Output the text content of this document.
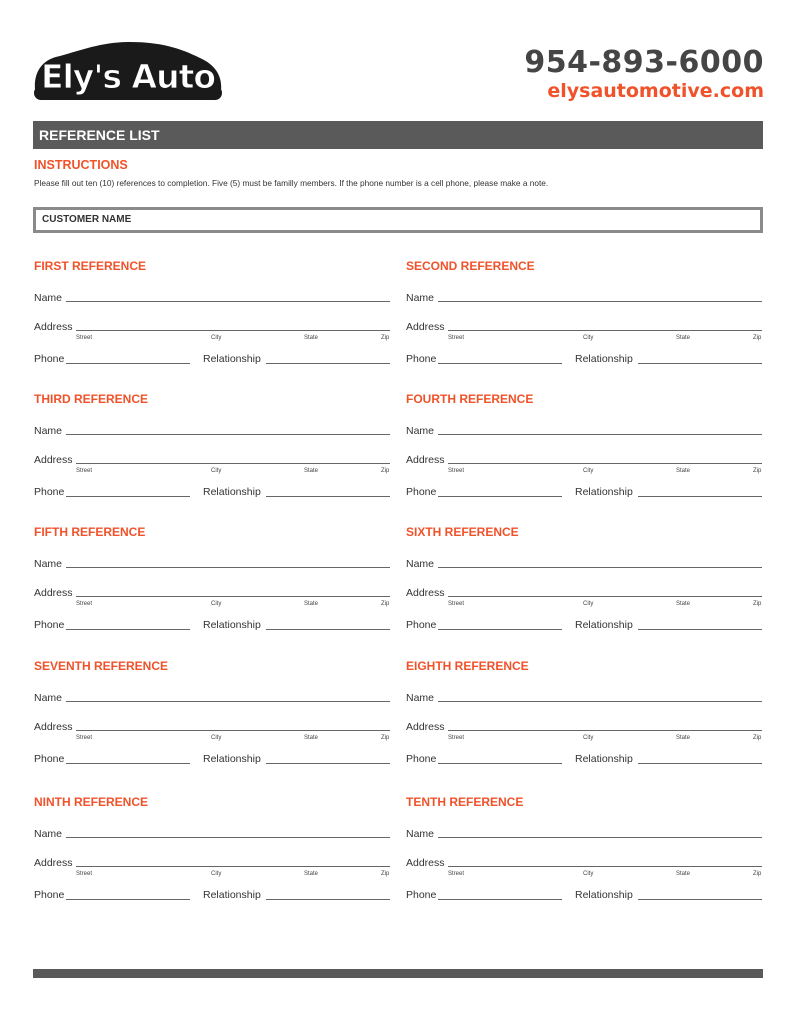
Ely's Auto	954-893-6000
elysautomotive.com
REFERENCE LIST
INSTRUCTIONS
Please fill out ten (10) references to completion. Five (5) must be familly members. If the phone number is a cell phone, please make a note.
CUSTOMER NAME
FIRST REFERENCE
Name
Address
Street	City	State	Zip
Phone	Relationship
SECOND REFERENCE
Name
Address
Street	City	State	Zip
Phone	Relationship
THIRD REFERENCE
Name
Address
Street	City	State	Zip
Phone	Relationship
FOURTH REFERENCE
Name
Address
Street	City	State	Zip
Phone	Relationship
FIFTH REFERENCE
Name
Address
Street	City	State	Zip
Phone	Relationship
SIXTH REFERENCE
Name
Address
Street	City	State	Zip
Phone	Relationship
SEVENTH REFERENCE
Name
Address
Street	City	State	Zip
Phone	Relationship
EIGHTH REFERENCE
Name
Address
Street	City	State	Zip
Phone	Relationship
NINTH REFERENCE
Name
Address
Street	City	State	Zip
Phone	Relationship
TENTH REFERENCE
Name
Address
Street	City	State	Zip
Phone	Relationship
